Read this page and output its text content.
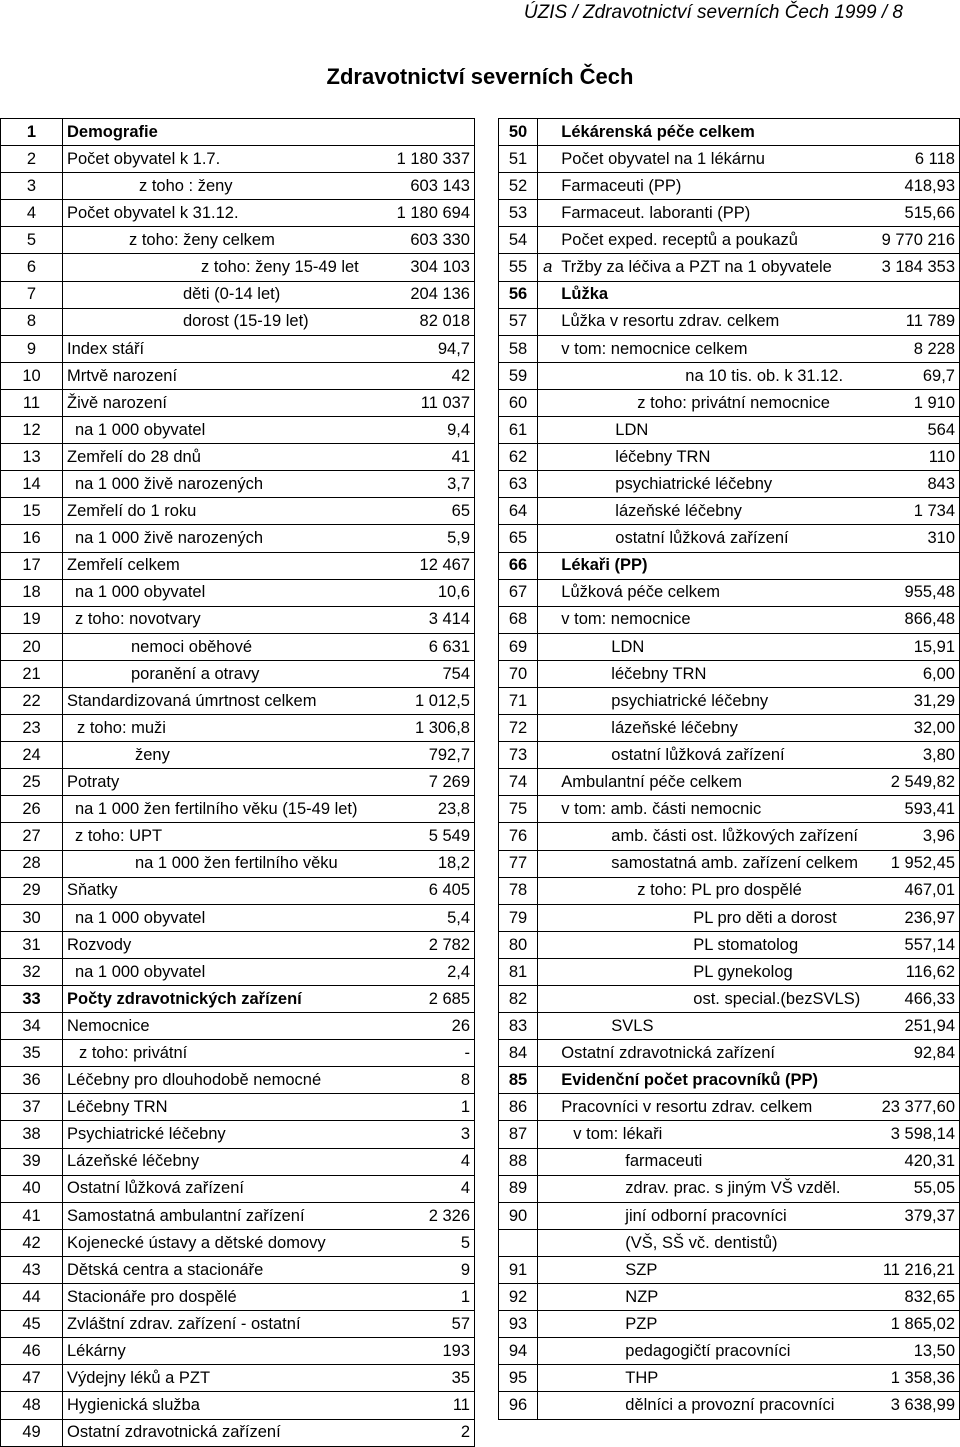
ÚZIS / Zdravotnictví severních Čech 1999 / 8
Zdravotnictví severních Čech
1	Demografie	
2	Počet obyvatel k 1.7.	1 180 337
3	z toho : ženy	603 143
4	Počet obyvatel k 31.12.	1 180 694
5	z toho: ženy celkem	603 330
6	z toho: ženy 15-49 let	304 103
7	děti (0-14 let)	204 136
8	dorost (15-19 let)	82 018
9	Index stáří	94,7
10	Mrtvě narození	42
11	Živě narození	11 037
12	na 1 000 obyvatel	9,4
13	Zemřelí do 28 dnů	41
14	na 1 000 živě narozených	3,7
15	Zemřelí do 1 roku	65
16	na 1 000 živě narozených	5,9
17	Zemřelí celkem	12 467
18	na 1 000 obyvatel	10,6
19	z toho: novotvary	3 414
20	nemoci oběhové	6 631
21	poranění a otravy	754
22	Standardizovaná úmrtnost celkem	1 012,5
23	z toho: muži	1 306,8
24	ženy	792,7
25	Potraty	7 269
26	na 1 000 žen fertilního věku (15-49 let)	23,8
27	z toho: UPT	5 549
28	na 1 000 žen fertilního věku	18,2
29	Sňatky	6 405
30	na 1 000 obyvatel	5,4
31	Rozvody	2 782
32	na 1 000 obyvatel	2,4
33	Počty zdravotnických zařízení	2 685
34	Nemocnice	26
35	z toho: privátní	-
36	Léčebny pro dlouhodobě nemocné	8
37	Léčebny TRN	1
38	Psychiatrické léčebny	3
39	Lázeňské léčebny	4
40	Ostatní lůžková zařízení	4
41	Samostatná ambulantní zařízení	2 326
42	Kojenecké ústavy a dětské domovy	5
43	Dětská centra a stacionáře	9
44	Stacionáře pro dospělé	1
45	Zvláštní zdrav. zařízení - ostatní	57
46	Lékárny	193
47	Výdejny léků a PZT	35
48	Hygienická služba	11
49	Ostatní zdravotnická zařízení	2
50		Lékárenská péče celkem	
51		Počet obyvatel na 1 lékárnu	6 118
52		Farmaceuti (PP)	418,93
53		Farmaceut. laboranti (PP)	515,66
54		Počet exped. receptů a poukazů	9 770 216
55	a	Tržby za léčiva a PZT na 1 obyvatele	3 184 353
56		Lůžka	
57		Lůžka v resortu zdrav. celkem	11 789
58		v tom: nemocnice celkem	8 228
59		na 10 tis. ob. k 31.12.	69,7
60		z toho: privátní nemocnice	1 910
61		LDN	564
62		léčebny TRN	110
63		psychiatrické léčebny	843
64		lázeňské léčebny	1 734
65		ostatní lůžková zařízení	310
66		Lékaři (PP)	
67		Lůžková péče celkem	955,48
68		v tom: nemocnice	866,48
69		LDN	15,91
70		léčebny TRN	6,00
71		psychiatrické léčebny	31,29
72		lázeňské léčebny	32,00
73		ostatní lůžková zařízení	3,80
74		Ambulantní péče celkem	2 549,82
75		v tom: amb. části nemocnic	593,41
76		amb. části ost. lůžkových zařízení	3,96
77		samostatná amb. zařízení celkem	1 952,45
78		z toho: PL pro dospělé	467,01
79		PL pro děti a dorost	236,97
80		PL stomatolog	557,14
81		PL gynekolog	116,62
82		ost. special.(bezSVLS)	466,33
83		SVLS	251,94
84		Ostatní zdravotnická zařízení	92,84
85		Evidenční počet pracovníků (PP)	
86		Pracovníci v resortu zdrav. celkem	23 377,60
87		v tom: lékaři	3 598,14
88		farmaceuti	420,31
89		zdrav. prac. s jiným VŠ vzděl.	55,05
90		jiní odborní pracovníci	379,37
		(VŠ, SŠ vč. dentistů)	
91		SZP	11 216,21
92		NZP	832,65
93		PZP	1 865,02
94		pedagogičtí pracovníci	13,50
95		THP	1 358,36
96		dělníci a provozní pracovníci	3 638,99
